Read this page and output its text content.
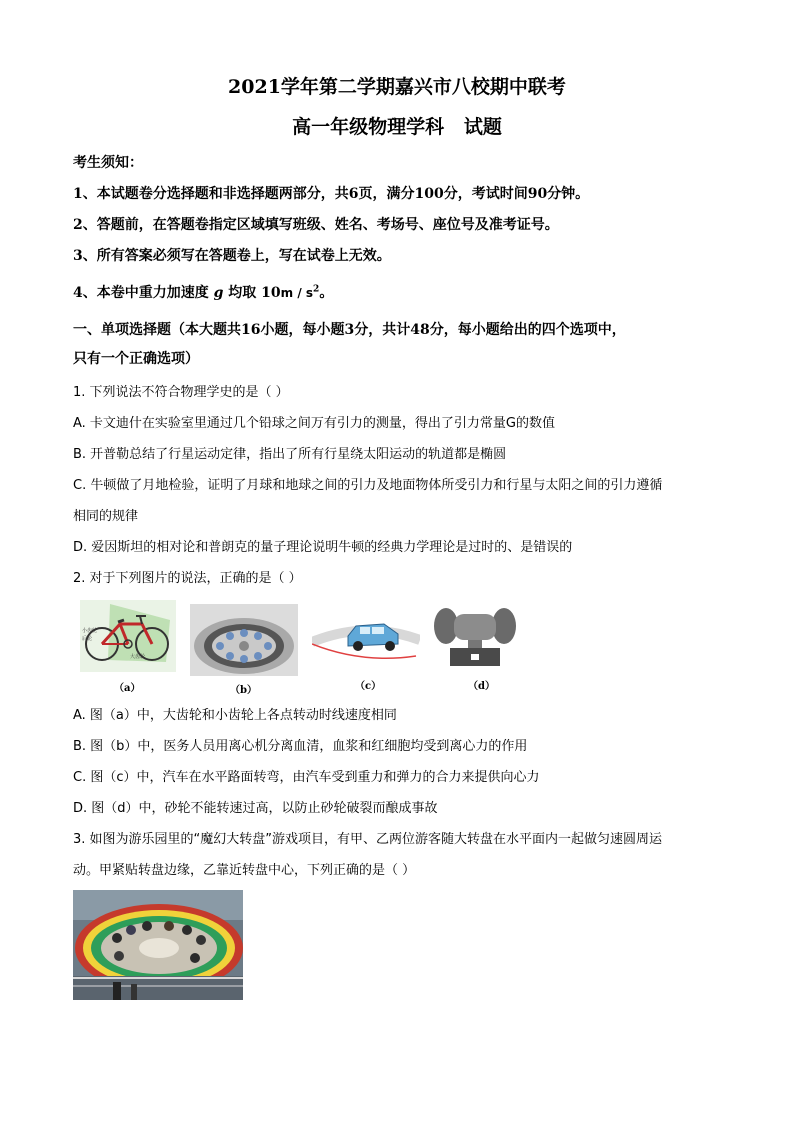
2021学年第二学期嘉兴市八校期中联考
高一年级物理学科   试题
考生须知：
1、本试题卷分选择题和非选择题两部分，共6页，满分100分，考试时间90分钟。
2、答题前，在答题卷指定区域填写班级、姓名、考场号、座位号及准考证号。
3、所有答案必须写在答题卷上，写在试卷上无效。
4、本卷中重力加速度 g 均取 $10m / s^2$。
一、单项选择题（本大题共16小题，每小题3分，共计48分，每小题给出的四个选项中，
只有一个正确选项）
1. 下列说法不符合物理学史的是（ ）
A. 卡文迪什在实验室里通过几个铅球之间万有引力的测量，得出了引力常量G的数值
B. 开普勒总结了行星运动定律，指出了所有行星绕太阳运动的轨道都是椭圆
C. 牛顿做了月地检验，证明了月球和地球之间的引力及地面物体所受引力和行星与太阳之间的引力遵循
相同的规律
D. 爱因斯坦的相对论和普朗克的量子理论说明牛顿的经典力学理论是过时的、是错误的
2. 对于下列图片的说法，正确的是（ ）
小齿轮
后轮
大齿轮
（a）	（b）	（c）	（d）
A. 图（a）中，大齿轮和小齿轮上各点转动时线速度相同
B. 图（b）中，医务人员用离心机分离血清，血浆和红细胞均受到离心力的作用
C. 图（c）中，汽车在水平路面转弯，由汽车受到重力和弹力的合力来提供向心力
D. 图（d）中，砂轮不能转速过高，以防止砂轮破裂而酿成事故
3. 如图为游乐园里的“魔幻大转盘”游戏项目，有甲、乙两位游客随大转盘在水平面内一起做匀速圆周运
动。甲紧贴转盘边缘，乙靠近转盘中心，下列正确的是（ ）
